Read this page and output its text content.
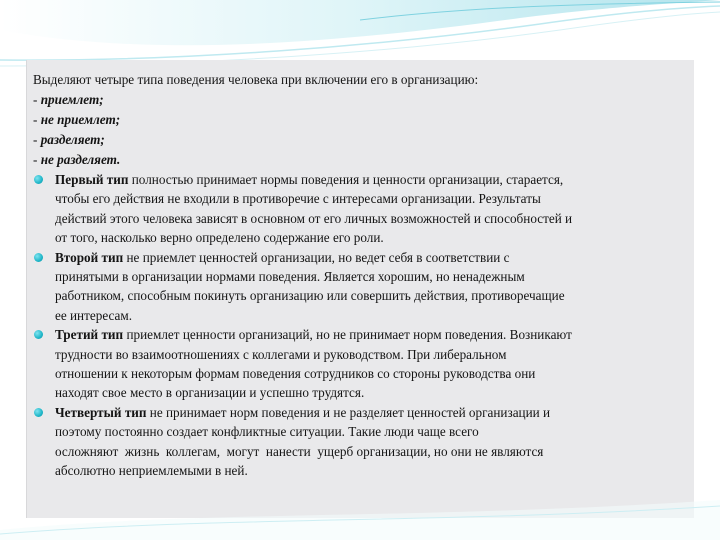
Выделяют четыре типа поведения человека при включении его в организацию:

- приемлет;

- не приемлет;

- разделяет;

- не разделяет.

Первый тип полностью принимает нормы поведения и ценности организации, старается,

чтобы его действия не входили в противоречие с интересами организации. Результаты

действий этого человека зависят в основном от его личных возможностей и способностей и

от того, насколько верно определено содержание его роли.

Второй тип не приемлет ценностей организации, но ведет себя в соответствии с

принятыми в организации нормами поведения. Является хорошим, но ненадежным

работником, способным покинуть организацию или совершить действия, противоречащие

ее интересам.

Третий тип приемлет ценности организаций, но не принимает норм поведения. Возникают

трудности во взаимоотношениях с коллегами и руководством. При либеральном

отношении к некоторым формам поведения сотрудников со стороны руководства они

находят свое место в организации и успешно трудятся.

Четвертый тип не принимает норм поведения и не разделяет ценностей организации и

поэтому постоянно создает конфликтные ситуации. Такие люди чаще всего

осложняют  жизнь  коллегам,  могут  нанести  ущерб организации, но они не являются

абсолютно неприемлемыми в ней.
